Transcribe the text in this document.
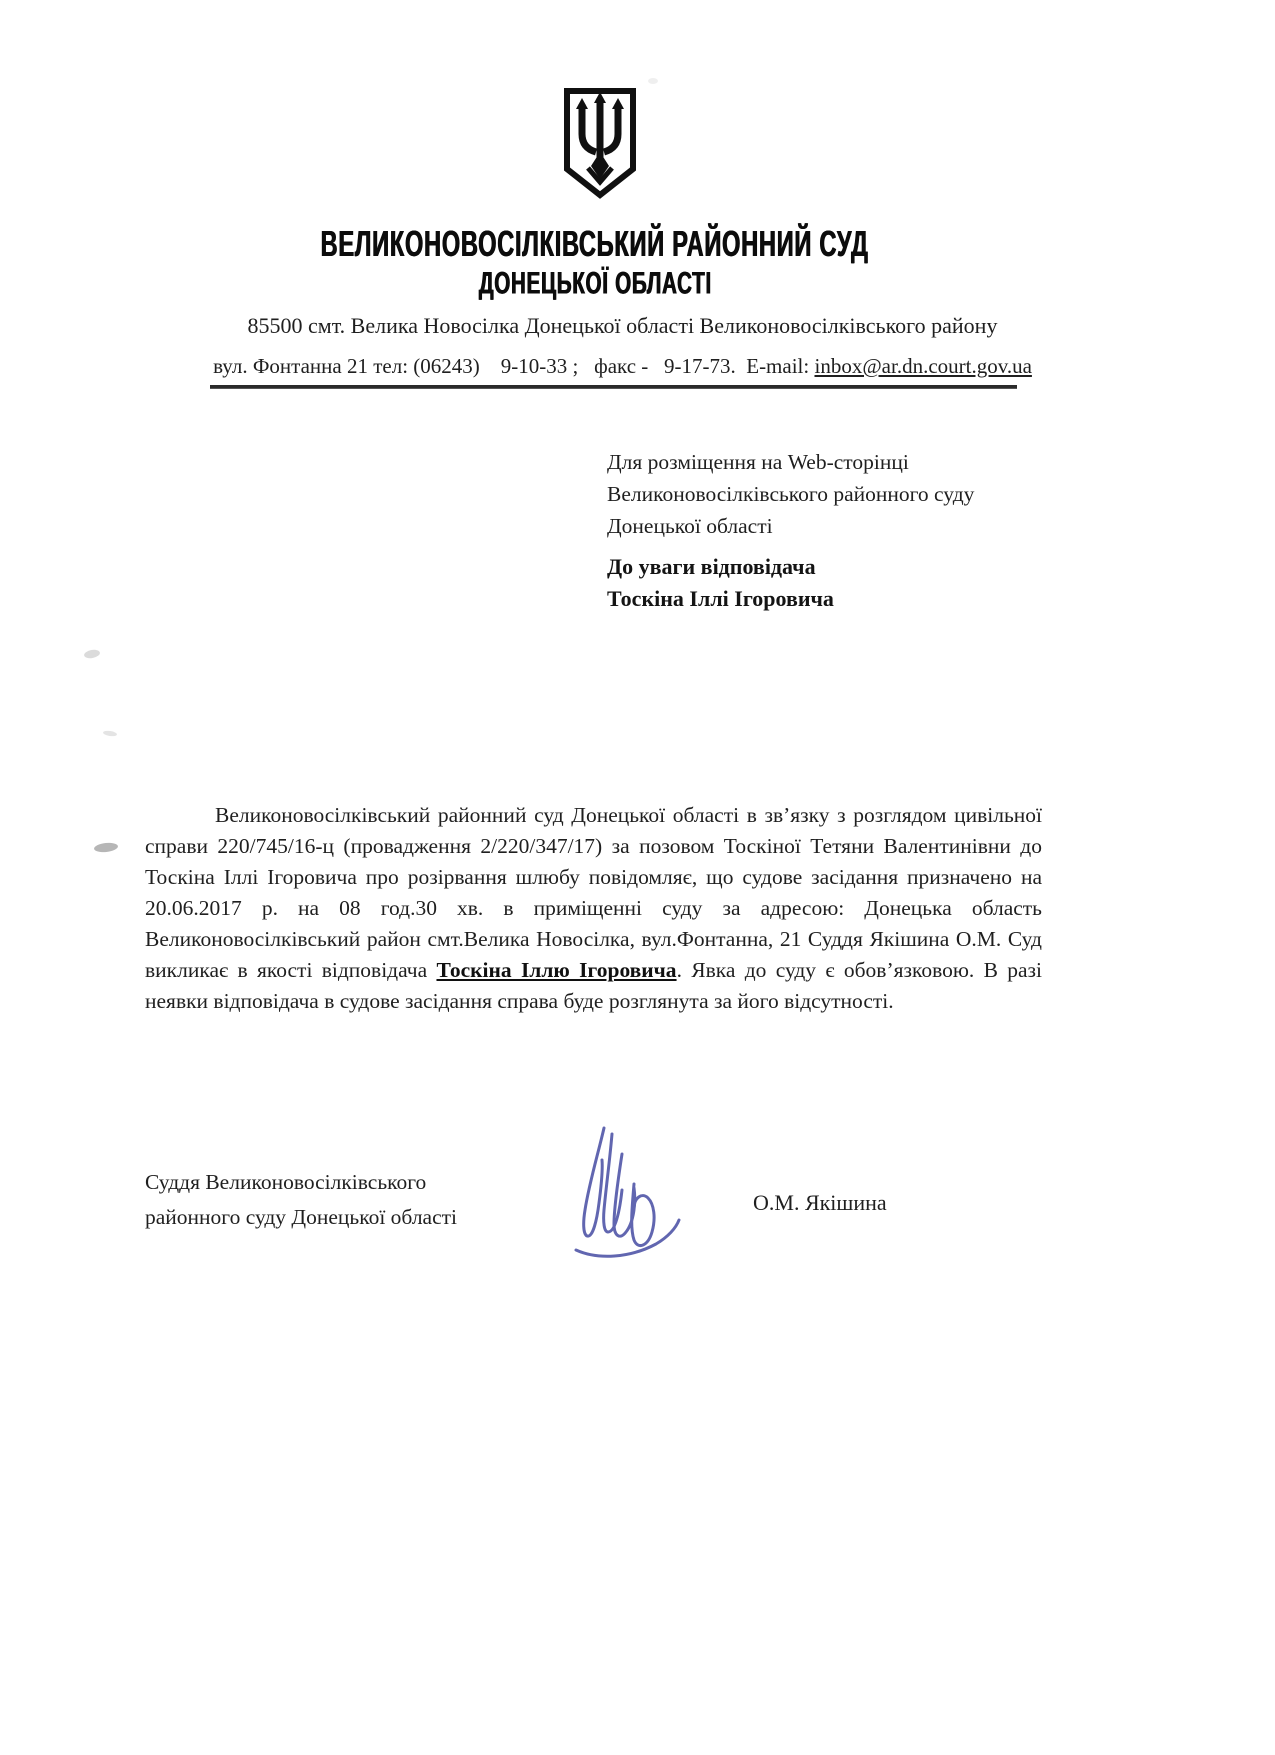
ВЕЛИКОНОВОСІЛКІВСЬКИЙ РАЙОННИЙ СУД
ДОНЕЦЬКОЇ ОБЛАСТІ
85500 смт. Велика Новосілка Донецької області Великоновосілківського району
вул. Фонтанна 21 тел: (06243)    9-10-33 ;   факс -   9-17-73.  E-mail: inbox@ar.dn.court.gov.ua
Для розміщення на Web-сторінці
Великоновосілківського районного суду
Донецької області
До уваги відповідача
Тоскіна Іллі Ігоровича

Великоновосілківський районний суд Донецької області в зв’язку з розглядом цивільної справи 220/745/16-ц (провадження 2/220/347/17) за позовом Тоскіної Тетяни Валентинівни до Тоскіна Іллі Ігоровича про розірвання шлюбу повідомляє, що судове засідання призначено на 20.06.2017 р. на 08 год.30 хв. в приміщенні суду за адресою: Донецька область Великоновосілківський район смт.Велика Новосілка, вул.Фонтанна, 21 Суддя Якішина О.М. Суд викликає в якості відповідача Тоскіна Іллю Ігоровича. Явка до суду є обов’язковою. В разі неявки відповідача в судове засідання справа буде розглянута за його відсутності.

Суддя Великоновосілківського
районного суду Донецької області
О.М. Якішина
